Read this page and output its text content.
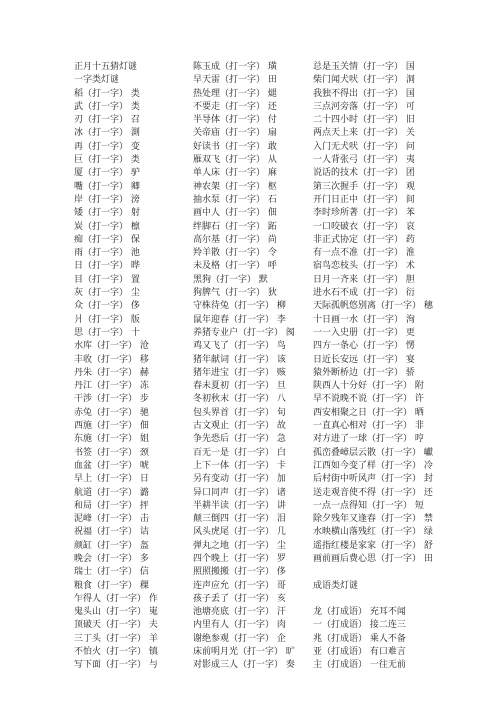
正月十五猜灯谜
一字类灯谜
稻（打一字） 类
武（打一字） 类
刃（打一字） 召
冰（打一字） 測
再（打一字） 变
巨（打一字） 类
厦（打一字） 驴
嘴（打一字） 卿
岸（打一字） 滂
矮（打一字） 射
炭（打一字） 檩
痴（打一字） 保
雨（打一字） 池
日（打一字） 晔
目（打一字） 置
灰（打一字） 尘
众（打一字） 侈
爿（打一字） 版
思（打一字） 十
水库（打一字） 沧
丰收（打一字） 移
丹朱（打一字） 赫
丹江（打一字） 冻
干涉（打一字） 步
赤兔（打一字） 驰
西施（打一字） 佃
东施（打一字） 姐
书签（打一字） 颈
血盆（打一字） 唬
早上（打一字） 日
航道（打一字） 潞
和局（打一字） 抨
泥峰（打一字） 击
祝福（打一字） 诘
颜缸（打一字） 盔
晚会（打一字） 多
瑞士（打一字） 信
粮食（打一字） 稞
乍得人（打一字） 作
鬼头山（打一字） 嵬
顶破天（打一字） 夫
三丁头（打一字） 羊
不怕火（打一字） 镇
写下面（打一字） 与
陈玉成（打一字） 璜
早天雷（打一字） 田
热处理（打一字） 煺
不要走（打一字） 还
半导体（打一字） 付
关帝庙（打一字） 扇
好读书（打一字） 敢
雁双飞（打一字） 从
单人床（打一字） 麻
神农架（打一字） 枢
抽水泵（打一字） 石
画中人（打一字） 佃
绊脚石（打一字） 跖
高尔基（打一字） 尚
羚羊散（打一字） 令
未及格（打一字） 呼
黑狗（打一字） 默
狗脾气（打一字） 狄
守株待兔（打一字） 柳
鼠年迎春（打一字） 李
养猪专业户（打一字） 阂
鸡又飞了（打一字） 鸟
猪年献词（打一字） 该
猪年进宝（打一字） 赅
春未夏初（打一字） 旦
冬初秋末（打一字） 八
包头界首（打一字） 旬
古文观止（打一字） 故
争先恐后（打一字） 急
百无一是（打一字） 白
上下一体（打一字） 卡
另有变动（打一字） 加
异口同声（打一字） 诸
半耕半读（打一字） 讲
颠三倒四（打一字） 泪
风头虎尾（打一字） 几
弹丸之地（打一字） 尘
四个晚上（打一字） 罗
照照搬搬（打一字） 侈
连声应允（打一字） 哥
孩子丢了（打一字） 亥
池塘亮底（打一字） 汗
内里有人（打一字） 肉
谢绝参观（打一字） 企
床前明月光（打一字） 旷
对影成三人（打一字） 奏
总是玉关情（打一字） 国
柴门闻犬吠（打一字） 洞
我独不得出（打一字） 国
三点河旁落（打一字） 可
二十四小时（打一字） 旧
两点天上来（打一字） 关
入门无犬吠（打一字） 问
一人背张弓（打一字） 夷
说话的技术（打一字） 团
第三次握手（打一字） 观
开门日正中（打一字） 间
李时珍所著（打一字） 苯
一口咬破衣（打一字） 哀
非正式协定（打一字） 药
有一点不准（打一字） 淮
宿鸟恋枝头（打一字） 术
日月一齐来（打一字） 胆
进水石不成（打一字） 衍
天际孤帆悠别离（打一字） 穗
十日画一水（打一字） 洵
一一入史册（打一字） 更
四方一条心（打一字） 愣
日近长安远（打一字） 宴
猿外断桥边（打一字） 骄
陕西人十分好（打一字） 附
早不说晚不说（打一字） 许
西安相聚之日（打一字） 晒
一直真心相对（打一字） 非
对方进了一球（打一字） 哼
孤峦叠嶂层云散（打一字） 巘
江西如今变了样（打一字） 冷
后村街中听风声（打一字） 封
送走观音使不得（打一字） 还
一点一点得知（打一字） 短
除夕残年又逢春（打一字） 禁
水映横山落残红（打一字） 绿
遥指红楼是家家（打一字） 舒
画前画后费心思（打一字） 田
成语类灯谜
龙（打成语） 充耳不闻
一（打成语） 接二连三
兆（打成语） 乘人不备
亚（打成语） 有口难言
主（打成语） 一往无前
